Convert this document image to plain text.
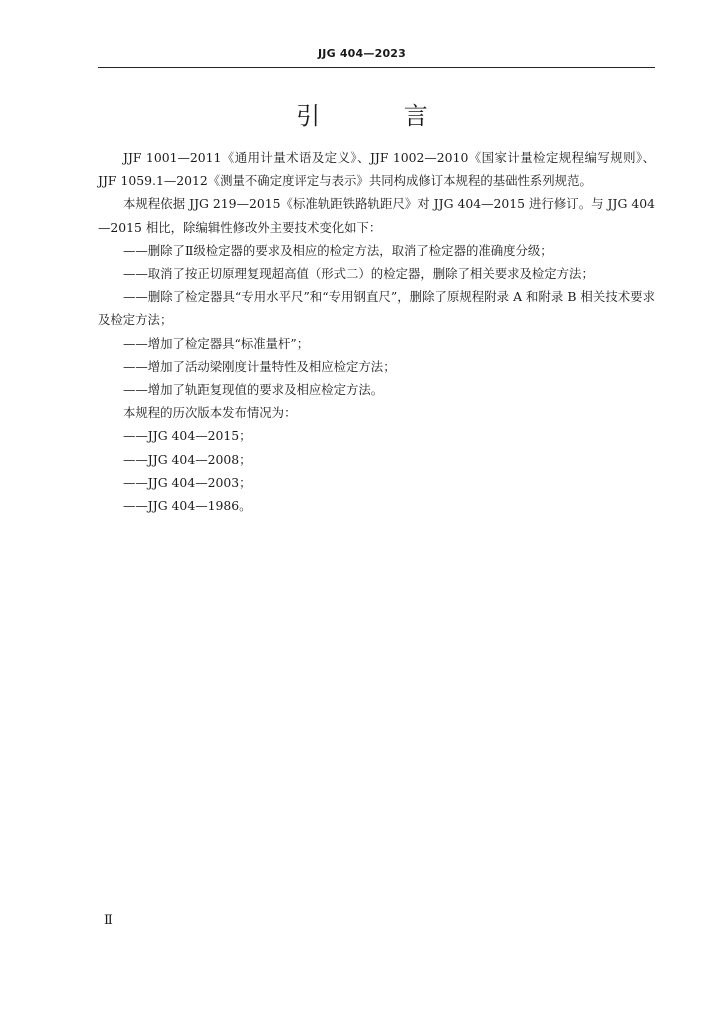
JJG 404—2023
引 言

JJF 1001—2011《通用计量术语及定义》、JJF 1002—2010《国家计量检定规程编写规则》、JJF 1059.1—2012《测量不确定度评定与表示》共同构成修订本规程的基础性系列规范。

本规程依据 JJG 219—2015《标准轨距铁路轨距尺》对 JJG 404—2015 进行修订。与 JJG 404—2015 相比，除编辑性修改外主要技术变化如下：

——删除了Ⅱ级检定器的要求及相应的检定方法，取消了检定器的准确度分级；

——取消了按正切原理复现超高值（形式二）的检定器，删除了相关要求及检定方法；

——删除了检定器具“专用水平尺”和“专用钢直尺”，删除了原规程附录 A 和附录 B 相关技术要求及检定方法；

——增加了检定器具“标准量杆”；

——增加了活动梁刚度计量特性及相应检定方法；

——增加了轨距复现值的要求及相应检定方法。

本规程的历次版本发布情况为：

——JJG 404—2015；

——JJG 404—2008；

——JJG 404—2003；

——JJG 404—1986。

Ⅱ
